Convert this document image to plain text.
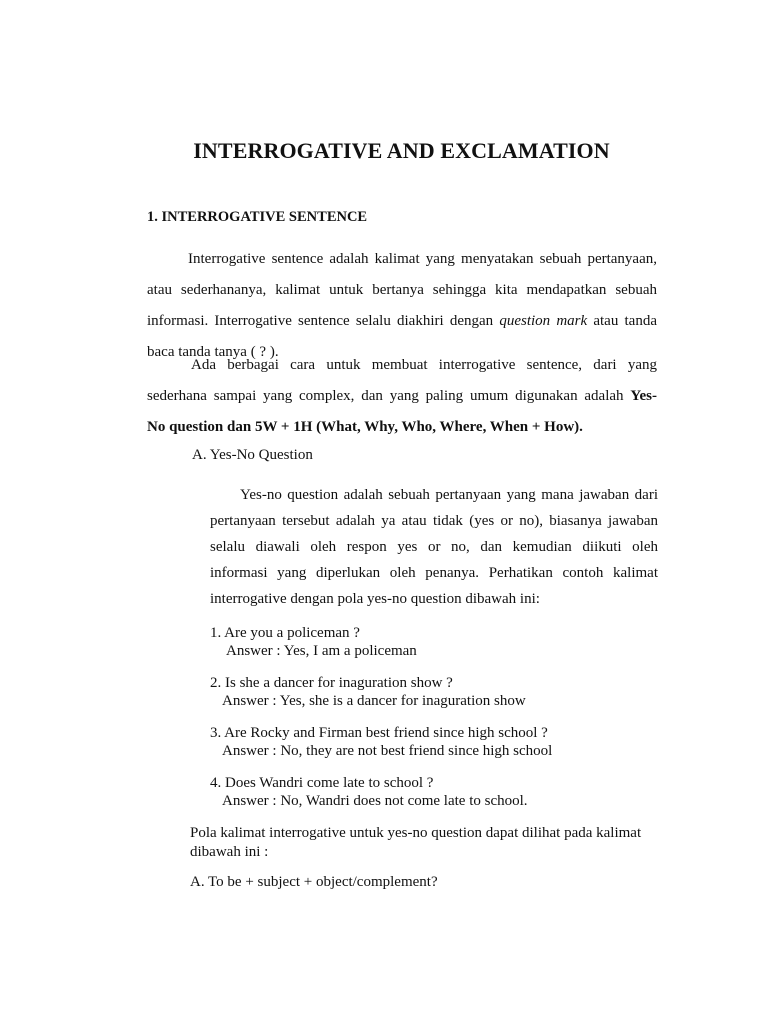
INTERROGATIVE AND EXCLAMATION
1. INTERROGATIVE SENTENCE
Interrogative sentence adalah kalimat yang menyatakan sebuah pertanyaan,
atau sederhananya, kalimat untuk bertanya sehingga kita mendapatkan sebuah
informasi. Interrogative sentence selalu diakhiri dengan question mark atau tanda
baca tanda tanya ( ? ).
Ada berbagai cara untuk membuat interrogative sentence, dari yang
sederhana sampai yang complex, dan yang paling umum digunakan adalah Yes-
No question dan 5W + 1H (What, Why, Who, Where, When + How).
A. Yes-No Question
Yes-no question adalah sebuah pertanyaan yang mana jawaban dari
pertanyaan tersebut adalah ya atau tidak (yes or no), biasanya jawaban
selalu diawali oleh respon yes or no, dan kemudian diikuti oleh
informasi yang diperlukan oleh penanya. Perhatikan contoh kalimat
interrogative dengan pola yes-no question dibawah ini:
1. Are you a policeman ?
Answer : Yes, I am a policeman
2. Is she a dancer for inaguration show ?
Answer : Yes, she is a dancer for inaguration show
3. Are Rocky and Firman best friend since high school ?
Answer : No, they are not best friend since high school
4. Does Wandri come late to school ?
Answer : No, Wandri does not come late to school.
Pola kalimat interrogative untuk yes-no question dapat dilihat pada kalimat
dibawah ini :
A. To be + subject + object/complement?
